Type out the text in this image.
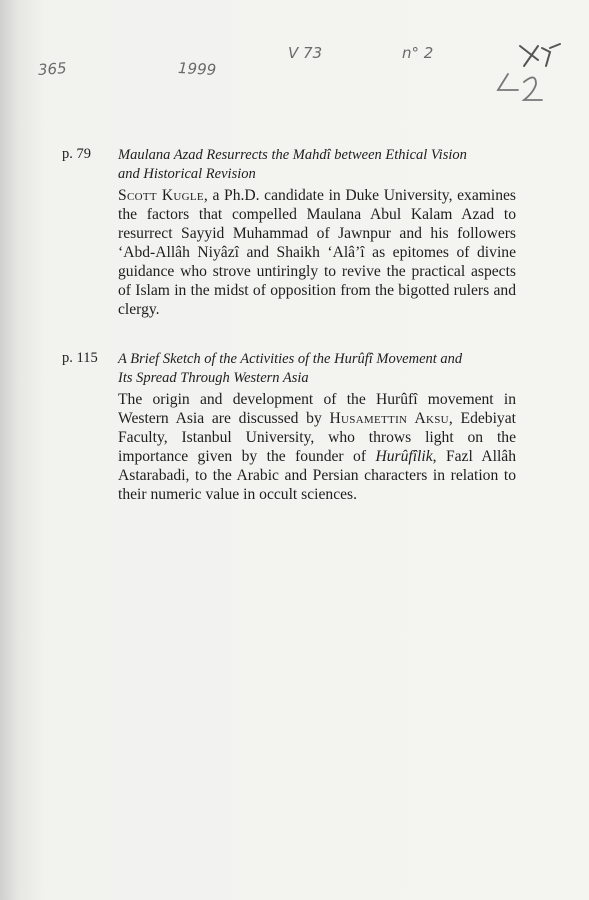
365	1999
V 73	n° 2
p. 79 Maulana Azad Resurrects the Mahdî between Ethical Vision
and Historical Revision
Scott Kugle, a Ph.D. candidate in Duke University, examines the factors that compelled Maulana Abul Kalam Azad to resurrect Sayyid Muhammad of Jawnpur and his followers ‘Abd-Allâh Niyâzî and Shaikh ‘Alâ’î as epitomes of divine guidance who strove untiringly to revive the practical aspects of Islam in the midst of opposition from the bigotted rulers and clergy.
p. 115 A Brief Sketch of the Activities of the Hurûfî Movement and
Its Spread Through Western Asia
The origin and development of the Hurûfî movement in Western Asia are discussed by Husamettin Aksu, Edebiyat Faculty, Istanbul University, who throws light on the importance given by the founder of Hurûfîlik, Fazl Allâh Astarabadi, to the Arabic and Persian characters in relation to their numeric value in occult sciences.
